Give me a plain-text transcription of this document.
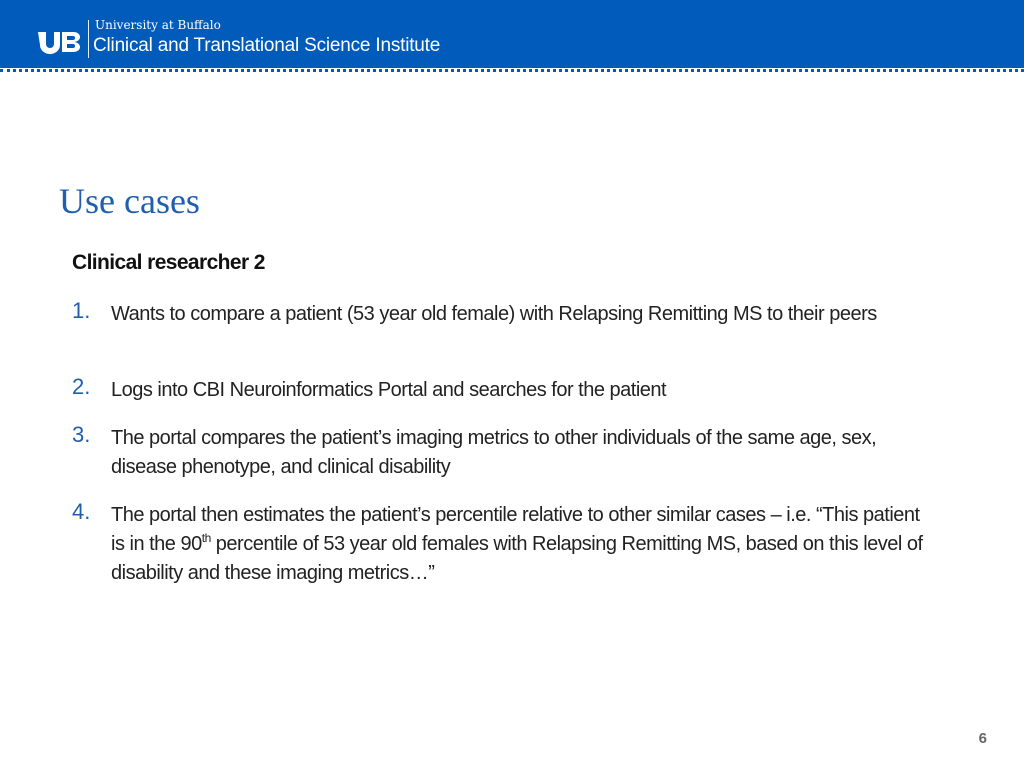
University at Buffalo
Clinical and Translational Science Institute
Use cases
Clinical researcher 2
1. Wants to compare a patient (53 year old female) with Relapsing Remitting MS to their peers
2. Logs into CBI Neuroinformatics Portal and searches for the patient
3. The portal compares the patient’s imaging metrics to other individuals of the same age, sex, disease phenotype, and clinical disability
4. The portal then estimates the patient’s percentile relative to other similar cases – i.e. “This patient is in the 90th percentile of 53 year old females with Relapsing Remitting MS, based on this level of disability and these imaging metrics…”
6
